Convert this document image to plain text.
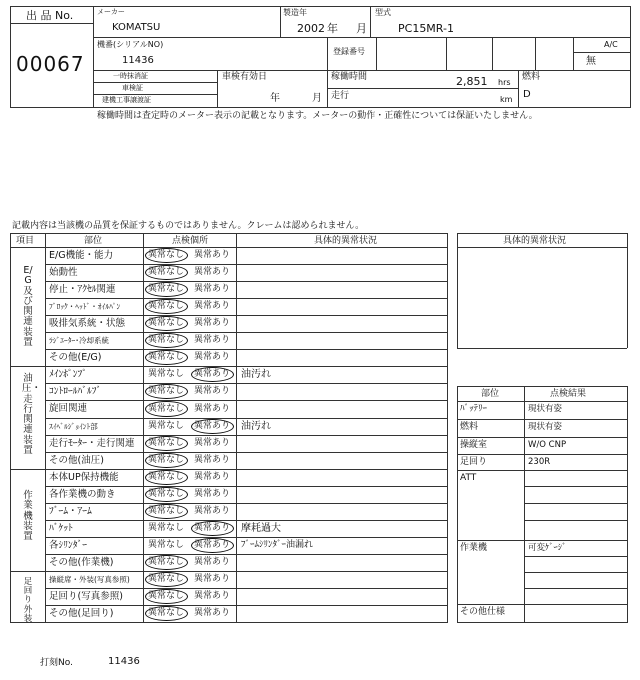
出 品 No.
00067
メーカー
KOMATSU
製造年
2002 年 月
型式
PC15MR-1
機番(シリアルNO)
11436
登録番号
A/C
無
一時抹消証
車検証
建機工事譲渡証
車検有効日
年	月
稼働時間	2,851 hrs
走行	km
燃料
D
稼働時間は査定時のメーター表示の記載となります。メーターの動作・正確性については保証いたしません。
記載内容は当該機の品質を保証するものではありません。クレームは認められません。
項目	部位	点検個所	具体的異常状況
E/G及び関連装置
油圧・走行関連装置
作業機装置
足回り外装
E/G機能・能力	異常なし 異常あり
始動性	異常なし 異常あり
停止・ｱｸｾﾙ関連	異常なし 異常あり
ﾌﾞﾛｯｸ・ﾍｯﾄﾞ・ｵｲﾙﾊﾟﾝ	異常なし 異常あり
吸排気系統・状態	異常なし 異常あり
ﾗｼﾞｴｰﾀｰ･冷却系統	異常なし 異常あり
その他(E/G)	異常なし 異常あり
ﾒｲﾝﾎﾟﾝﾌﾟ	異常なし 異常あり 油汚れ
ｺﾝﾄﾛｰﾙﾊﾞﾙﾌﾞ	異常なし 異常あり
旋回関連	異常なし 異常あり
ｽｲﾍﾞﾙｼﾞｮｲﾝﾄ部	異常なし 異常あり 油汚れ
走行ﾓｰﾀｰ・走行関連 異常なし 異常あり
その他(油圧)	異常なし 異常あり
本体UP保持機能	異常なし 異常あり
各作業機の動き	異常なし 異常あり
ﾌﾞｰﾑ・ｱｰﾑ	異常なし 異常あり
ﾊﾞｹｯﾄ	異常なし 異常あり 摩耗過大
各ｼﾘﾝﾀﾞｰ	異常なし 異常あり ﾌﾞｰﾑｼﾘﾝﾀﾞｰ油漏れ
その他(作業機)	異常なし 異常あり
操縦席・外装(写真参照) 異常なし 異常あり
足回り(写真参照)	異常なし 異常あり
その他(足回り)	異常なし 異常あり
具体的異常状況
部位	点検結果
ﾊﾞｯﾃﾘｰ	現状有姿
燃料	現状有姿
操縦室	W/O CNP
足回り	230R
ATT
作業機	可変ｹﾞｰｼﾞ
その他仕様
打刻No.	11436
